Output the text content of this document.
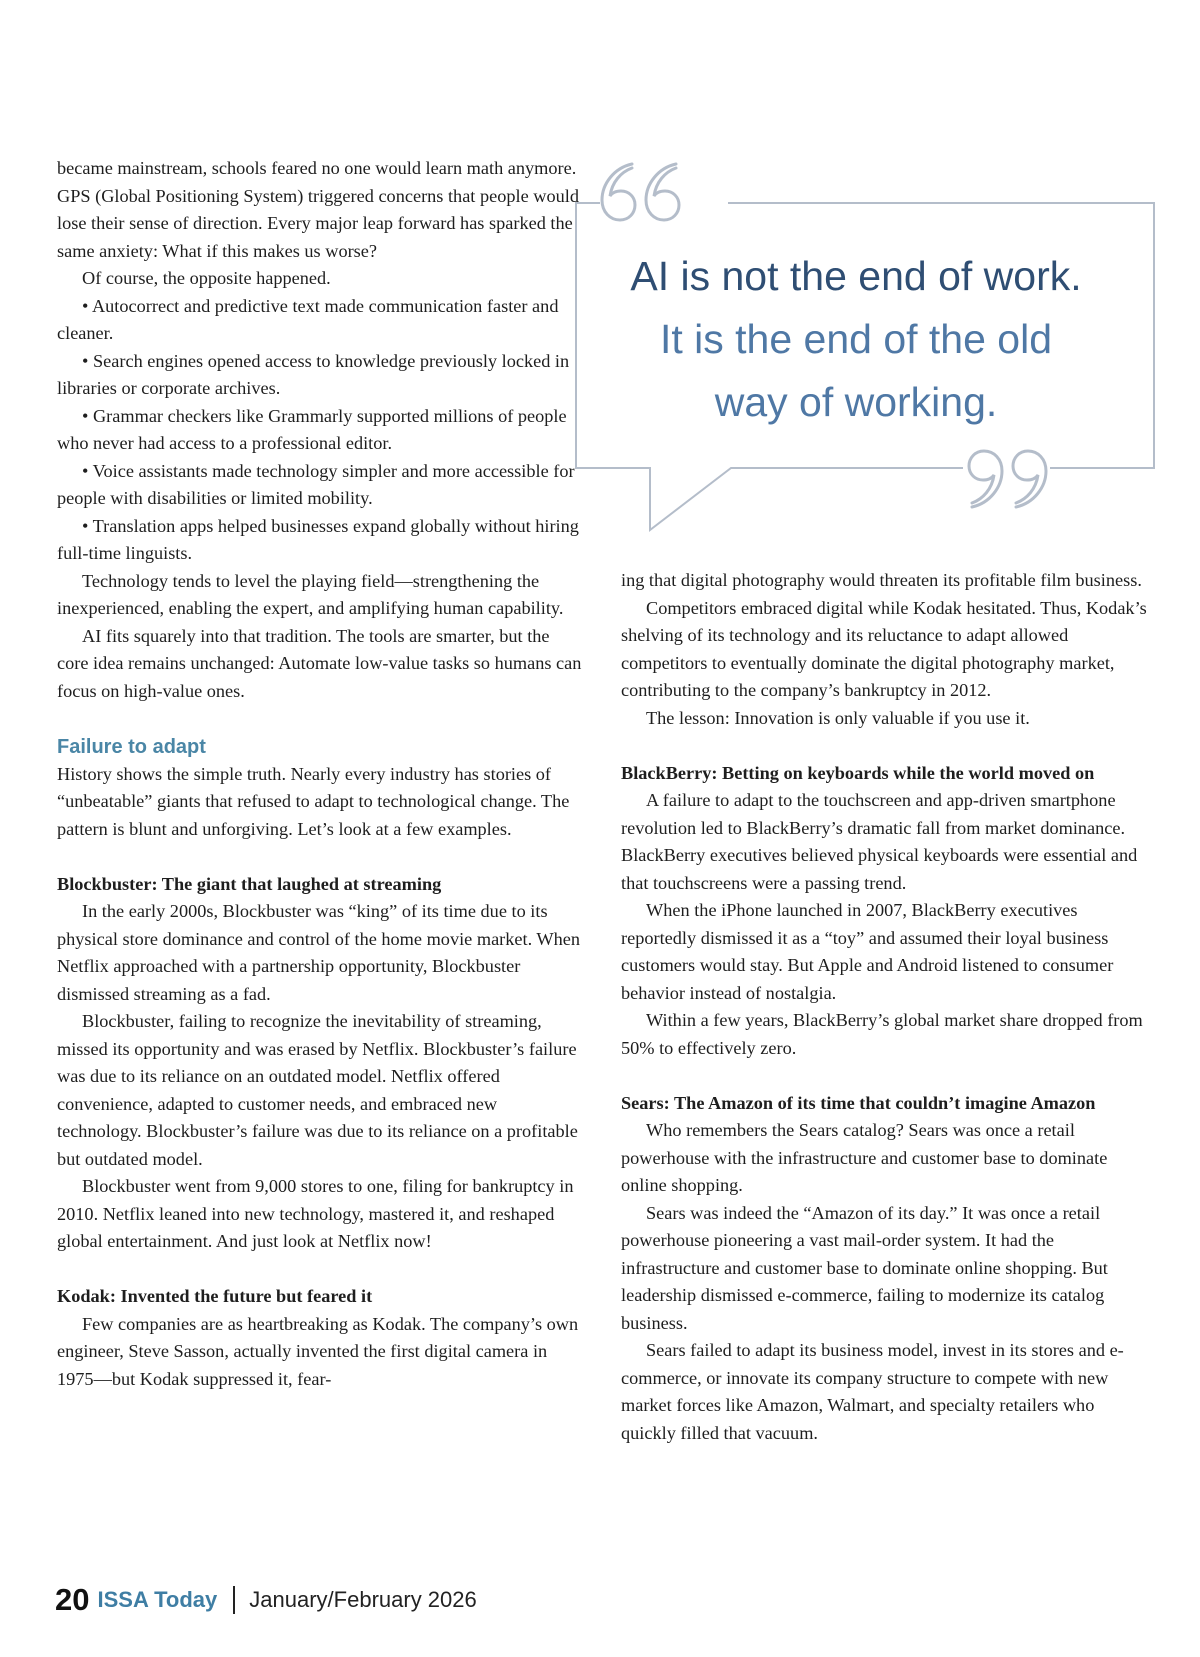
became mainstream, schools feared no one would learn math anymore. GPS (Global Positioning System) triggered concerns that people would lose their sense of direction. Every major leap forward has sparked the same anxiety: What if this makes us worse?

Of course, the opposite happened.

• Autocorrect and predictive text made communication faster and cleaner.

• Search engines opened access to knowledge previously locked in libraries or corporate archives.

• Grammar checkers like Grammarly supported millions of people who never had access to a professional editor.

• Voice assistants made technology simpler and more accessible for people with disabilities or limited mobility.

• Translation apps helped businesses expand globally without hiring full-time linguists.

Technology tends to level the playing field—strengthening the inexperienced, enabling the expert, and amplifying human capability.

AI fits squarely into that tradition. The tools are smarter, but the core idea remains unchanged: Automate low-value tasks so humans can focus on high-value ones.

Failure to adapt

History shows the simple truth. Nearly every industry has stories of “unbeatable” giants that refused to adapt to technological change. The pattern is blunt and unforgiving. Let’s look at a few examples.

Blockbuster: The giant that laughed at streaming

In the early 2000s, Blockbuster was “king” of its time due to its physical store dominance and control of the home movie market. When Netflix approached with a partnership opportunity, Blockbuster dismissed streaming as a fad.

Blockbuster, failing to recognize the inevitability of streaming, missed its opportunity and was erased by Netflix. Blockbuster’s failure was due to its reliance on an outdated model. Netflix offered convenience, adapted to customer needs, and embraced new technology. Blockbuster’s failure was due to its reliance on a profitable but outdated model.

Blockbuster went from 9,000 stores to one, filing for bankruptcy in 2010. Netflix leaned into new technology, mastered it, and reshaped global entertainment. And just look at Netflix now!

Kodak: Invented the future but feared it

Few companies are as heartbreaking as Kodak. The company’s own engineer, Steve Sasson, actually invented the first digital camera in 1975—but Kodak suppressed it, fear-

AI is not the end of work.
It is the end of the old
way of working.

ing that digital photography would threaten its profitable film business.

Competitors embraced digital while Kodak hesitated. Thus, Kodak’s shelving of its technology and its reluctance to adapt allowed competitors to eventually dominate the digital photography market, contributing to the company’s bankruptcy in 2012.

The lesson: Innovation is only valuable if you use it.

BlackBerry: Betting on keyboards while the world moved on

A failure to adapt to the touchscreen and app-driven smartphone revolution led to BlackBerry’s dramatic fall from market dominance. BlackBerry executives believed physical keyboards were essential and that touchscreens were a passing trend.

When the iPhone launched in 2007, BlackBerry executives reportedly dismissed it as a “toy” and assumed their loyal business customers would stay. But Apple and Android listened to consumer behavior instead of nostalgia.

Within a few years, BlackBerry’s global market share dropped from 50% to effectively zero.

Sears: The Amazon of its time that couldn’t imagine Amazon

Who remembers the Sears catalog? Sears was once a retail powerhouse with the infrastructure and customer base to dominate online shopping.

Sears was indeed the “Amazon of its day.” It was once a retail powerhouse pioneering a vast mail-order system. It had the infrastructure and customer base to dominate online shopping. But leadership dismissed e-commerce, failing to modernize its catalog business.

Sears failed to adapt its business model, invest in its stores and e-commerce, or innovate its company structure to compete with new market forces like Amazon, Walmart, and specialty retailers who quickly filled that vacuum.

20 ISSA Today January/February 2026
